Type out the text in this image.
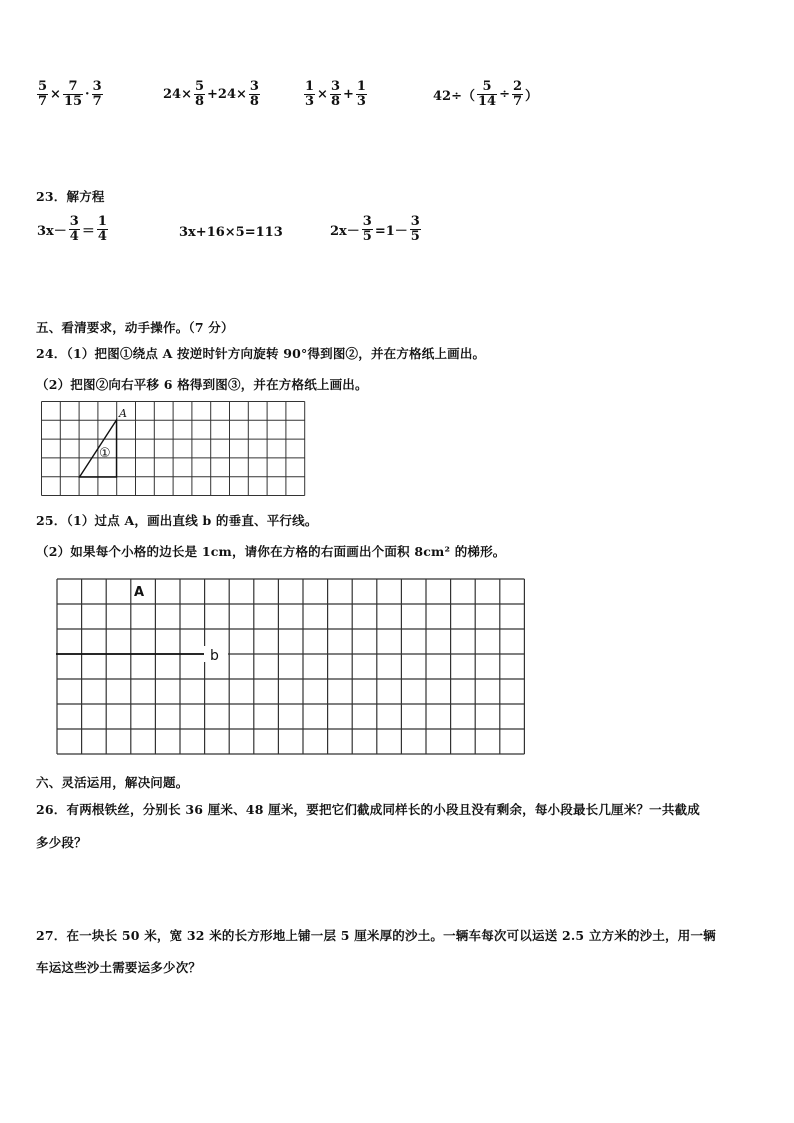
$\frac{5}{7} \times \frac{7}{15} \cdot \frac{3}{7}$	$24\times \frac{5}{8} +24\times \frac{3}{8}$	$\frac{1}{3} \times \frac{3}{8} + \frac{1}{3}$	$42\div( \frac{5}{14} \div \frac{2}{7}$ ）
23．解方程
$3x- \frac{3}{4} = \frac{1}{4}$	3x+16×5=113	$2x- \frac{3}{5} =1- \frac{3}{5}$
五、看清要求，动手操作。（7 分）
24．（1）把图①绕点 A 按逆时针方向旋转 90°得到图②，并在方格纸上画出。
（2）把图②向右平移 6 格得到图③，并在方格纸上画出。
A
①
25．（1）过点 A，画出直线 b 的垂直、平行线。
（2）如果每个小格的边长是 1cm，请你在方格的右面画出个面积 8cm² 的梯形。
b
A
六、灵活运用，解决问题。
26．有两根铁丝，分别长 36 厘米、48 厘米，要把它们截成同样长的小段且没有剩余，每小段最长几厘米？一共截成
多少段？
27．在一块长 50 米，宽 32 米的长方形地上铺一层 5 厘米厚的沙土。一辆车每次可以运送 2.5 立方米的沙土，用一辆
车运这些沙土需要运多少次？
